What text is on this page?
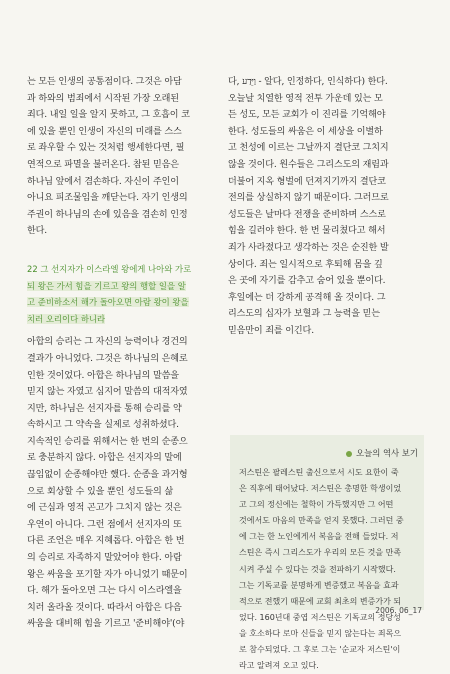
는 모든 인생의 공통점이다. 그것은 아담
과 하와의 범죄에서 시작된 가장 오래된
죄다. 내일 일을 알지 못하고, 그 호흡이 코
에 있을 뿐인 인생이 자신의 미래를 스스
로 좌우할 수 있는 것처럼 행세한다면, 필
연적으로 파멸을 불러온다. 참된 믿음은
하나님 앞에서 겸손하다. 자신이 주인이
아니요 피조물임을 깨닫는다. 자기 인생의
주권이 하나님의 손에 있음을 겸손히 인정
한다.

22 그 선지자가 이스라엘 왕에게 나아와 가로
되 왕은 가서 힘을 기르고 왕의 행할 일을 알
고 준비하소서 해가 돌아오면 아람 왕이 왕을
치러 오리이다 하니라

아합의 승리는 그 자신의 능력이나 경건의
결과가 아니었다. 그것은 하나님의 은혜로
인한 것이었다. 아합은 하나님의 말씀을
믿지 않는 자였고 심지어 말씀의 대적자였
지만, 하나님은 선지자를 통해 승리를 약
속하시고 그 약속을 실제로 성취하셨다.
지속적인 승리를 위해서는 한 번의 순종으
로 충분하지 않다. 아합은 선지자의 말에
끊임없이 순종해야만 했다. 순종을 과거형
으로 회상할 수 있을 뿐인 성도들의 삶
에 근심과 영적 곤고가 그치지 않는 것은
우연이 아니다. 그런 점에서 선지자의 또
다른 조언은 매우 지혜롭다. 아합은 한 번
의 승리로 자족하지 말았어야 한다. 아람
왕은 싸움을 포기할 자가 아니었기 때문이
다. 해가 돌아오면 그는 다시 이스라엘을
치러 올라올 것이다. 따라서 아합은 다음
싸움을 대비해 힘을 기르고 '준비해야'(야

다, וַיֵּדַע - 알다, 인정하다, 인식하다) 한다.
오늘날 치열한 영적 전투 가운데 있는 모
든 성도, 모든 교회가 이 진리를 기억해야
한다. 성도들의 싸움은 이 세상을 이별하
고 천성에 이르는 그날까지 결단코 그치지
않을 것이다. 원수들은 그리스도의 재림과
더불어 지옥 형벌에 던져지기까지 결단코
전의를 상실하지 않기 때문이다. 그러므로
성도들은 날마다 전쟁을 준비하며 스스로
힘을 길러야 한다. 한 번 물리쳤다고 해서
죄가 사라졌다고 생각하는 것은 순진한 발
상이다. 죄는 일시적으로 후퇴해 몸을 깊
은 곳에 자기를 감추고 숨어 있을 뿐이다.
후일에는 더 강하게 공격해 올 것이다. 그
리스도의 십자가 보혈과 그 능력을 믿는
믿음만이 죄를 이긴다.

오늘의 역사 보기
저스틴은 팔레스틴 출신으로서 시도 요한이 죽
은 직후에 태어났다. 저스틴은 총명한 학생이었
고 그의 정신에는 철학이 가득했지만 그 어떤
것에서도 마음의 만족을 얻지 못했다. 그러던 중
에 그는 한 노인에게서 복음을 전해 들었다. 저
스틴은 즉시 그리스도가 우리의 모든 것을 만족
시켜 주실 수 있다는 것을 전파하기 시작했다.
그는 기독교를 분명하게 변증했고 복음을 효과
적으로 전했기 때문에 교회 최초의 변증가가 되
었다. 160년대 중엽 저스틴은 기독교의 정당성
을 호소하다 로마 신들을 믿지 않는다는 죄목으
로 참수되었다. 그 후로 그는 '순교자 저스틴'이
라고 알려져 오고 있다.
2006. 06_17
